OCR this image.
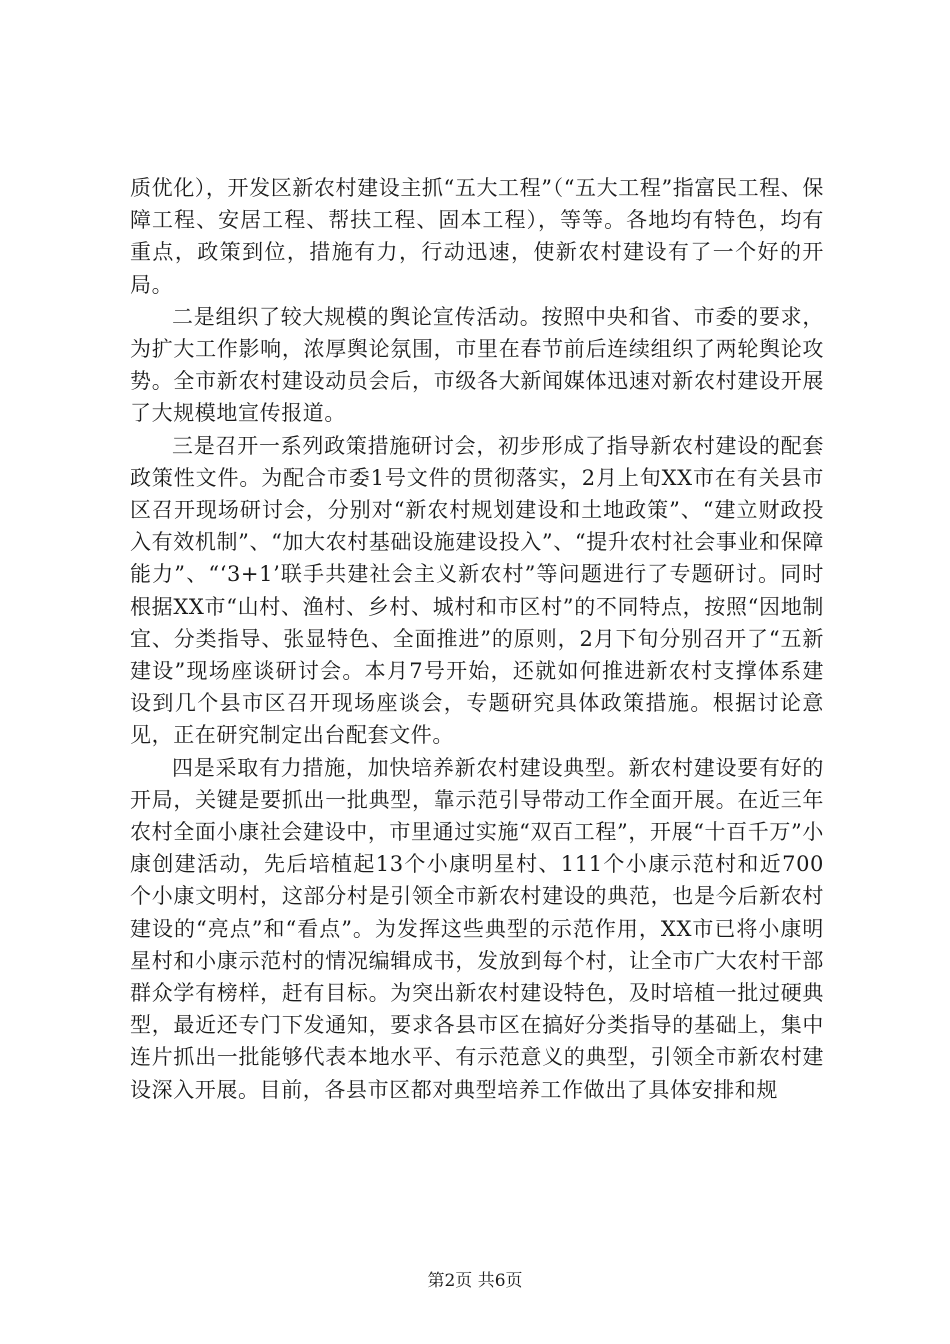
质优化），开发区新农村建设主抓“五大工程”（“五大工程”指富民工程、保障工程、安居工程、帮扶工程、固本工程），等等。各地均有特色，均有重点，政策到位，措施有力，行动迅速，使新农村建设有了一个好的开局。

二是组织了较大规模的舆论宣传活动。按照中央和省、市委的要求，为扩大工作影响，浓厚舆论氛围，市里在春节前后连续组织了两轮舆论攻势。全市新农村建设动员会后，市级各大新闻媒体迅速对新农村建设开展了大规模地宣传报道。

三是召开一系列政策措施研讨会，初步形成了指导新农村建设的配套政策性文件。为配合市委1号文件的贯彻落实，2月上旬XX市在有关县市区召开现场研讨会，分别对“新农村规划建设和土地政策”、“建立财政投入有效机制”、“加大农村基础设施建设投入”、“提升农村社会事业和保障能力”、“‘3+1’联手共建社会主义新农村”等问题进行了专题研讨。同时根据XX市“山村、渔村、乡村、城村和市区村”的不同特点，按照“因地制宜、分类指导、张显特色、全面推进”的原则，2月下旬分别召开了“五新建设”现场座谈研讨会。本月7号开始，还就如何推进新农村支撑体系建设到几个县市区召开现场座谈会，专题研究具体政策措施。根据讨论意见，正在研究制定出台配套文件。

四是采取有力措施，加快培养新农村建设典型。新农村建设要有好的开局，关键是要抓出一批典型，靠示范引导带动工作全面开展。在近三年农村全面小康社会建设中，市里通过实施“双百工程”，开展“十百千万”小康创建活动，先后培植起13个小康明星村、111个小康示范村和近700个小康文明村，这部分村是引领全市新农村建设的典范，也是今后新农村建设的“亮点”和“看点”。为发挥这些典型的示范作用，XX市已将小康明星村和小康示范村的情况编辑成书，发放到每个村，让全市广大农村干部群众学有榜样，赶有目标。为突出新农村建设特色，及时培植一批过硬典型，最近还专门下发通知，要求各县市区在搞好分类指导的基础上，集中连片抓出一批能够代表本地水平、有示范意义的典型，引领全市新农村建设深入开展。目前，各县市区都对典型培养工作做出了具体安排和规

第2页 共6页
